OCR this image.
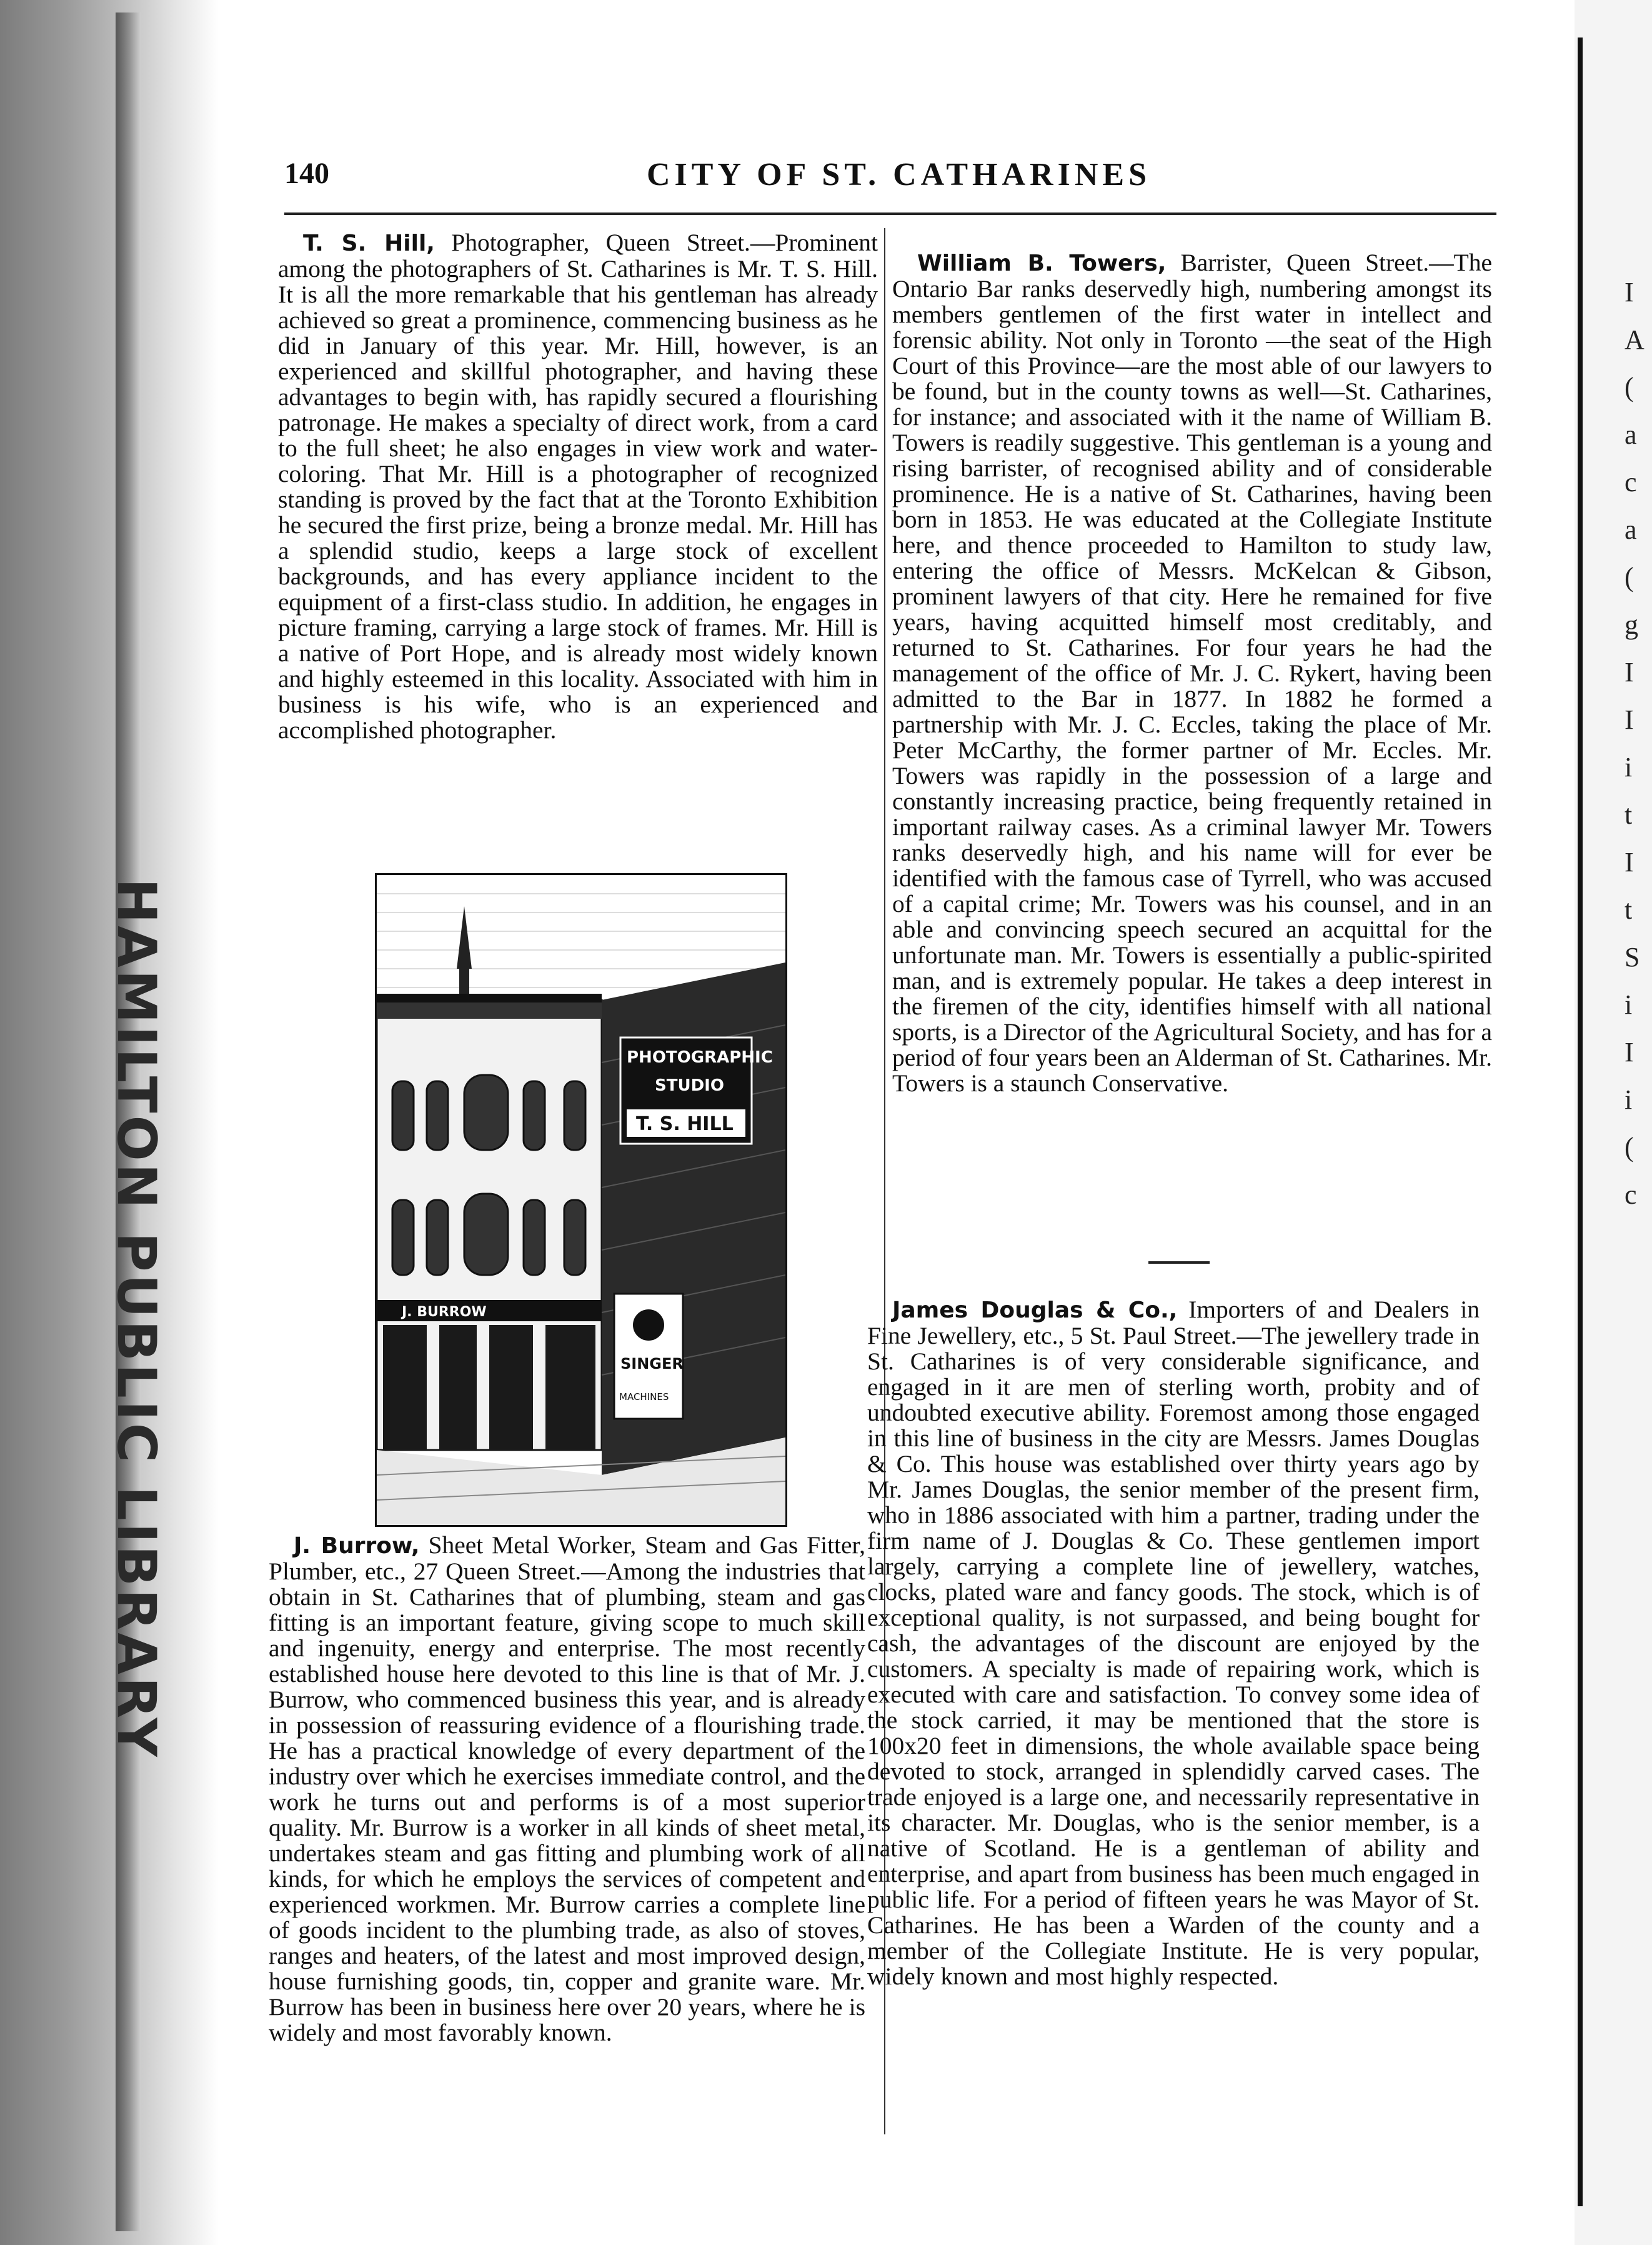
HAMILTON PUBLIC LIBRARY
I
A
(
a
c
a
(
g
I
I
i
t
I
t
S
i
I
i
(
c
140	CITY OF ST. CATHARINES

T. S. Hill, Photographer, Queen Street.—Prominent among the photographers of St. Catharines is Mr. T. S. Hill. It is all the more remarkable that his gentleman has already achieved so great a prominence, commencing business as he did in January of this year. Mr. Hill, however, is an experienced and skillful photographer, and having these advantages to begin with, has rapidly secured a flourishing patronage. He makes a specialty of direct work, from a card to the full sheet; he also engages in view work and water-coloring. That Mr. Hill is a photographer of recognized standing is proved by the fact that at the Toronto Exhibition he secured the first prize, being a bronze medal. Mr. Hill has a splendid studio, keeps a large stock of excellent backgrounds, and has every appliance incident to the equipment of a first-class studio. In addition, he engages in picture framing, carrying a large stock of frames. Mr. Hill is a native of Port Hope, and is already most widely known and highly esteemed in this locality. Associated with him in business is his wife, who is an experienced and accomplished photographer.

J. BURROW
PHOTOGRAPHIC
STUDIO
T. S. HILL
SINGER
MACHINES

William B. Towers, Barrister, Queen Street.—The Ontario Bar ranks deservedly high, numbering amongst its members gentlemen of the first water in intellect and forensic ability. Not only in Toronto —the seat of the High Court of this Province—are the most able of our lawyers to be found, but in the county towns as well—St. Catharines, for instance; and associated with it the name of William B. Towers is readily suggestive. This gentleman is a young and rising barrister, of recognised ability and of considerable prominence. He is a native of St. Catharines, having been born in 1853. He was educated at the Collegiate Institute here, and thence proceeded to Hamilton to study law, entering the office of Messrs. McKelcan & Gibson, prominent lawyers of that city. Here he remained for five years, having acquitted himself most creditably, and returned to St. Catharines. For four years he had the management of the office of Mr. J. C. Rykert, having been admitted to the Bar in 1877. In 1882 he formed a partnership with Mr. J. C. Eccles, taking the place of Mr. Peter McCarthy, the former partner of Mr. Eccles. Mr. Towers was rapidly in the possession of a large and constantly increasing practice, being frequently retained in important railway cases. As a criminal lawyer Mr. Towers ranks deservedly high, and his name will for ever be identified with the famous case of Tyrrell, who was accused of a capital crime; Mr. Towers was his counsel, and in an able and convincing speech secured an acquittal for the unfortunate man. Mr. Towers is essentially a public-spirited man, and is extremely popular. He takes a deep interest in the firemen of the city, identifies himself with all national sports, is a Director of the Agricultural Society, and has for a period of four years been an Alderman of St. Catharines. Mr. Towers is a staunch Conservative.

J. Burrow, Sheet Metal Worker, Steam and Gas Fitter, Plumber, etc., 27 Queen Street.—Among the industries that obtain in St. Catharines that of plumbing, steam and gas fitting is an important feature, giving scope to much skill and ingenuity, energy and enterprise. The most recently established house here devoted to this line is that of Mr. J. Burrow, who commenced business this year, and is already in possession of reassuring evidence of a flourishing trade. He has a practical knowledge of every department of the industry over which he exercises immediate control, and the work he turns out and performs is of a most superior quality. Mr. Burrow is a worker in all kinds of sheet metal, undertakes steam and gas fitting and plumbing work of all kinds, for which he employs the services of competent and experienced workmen. Mr. Burrow carries a complete line of goods incident to the plumbing trade, as also of stoves, ranges and heaters, of the latest and most improved design, house furnishing goods, tin, copper and granite ware. Mr. Burrow has been in business here over 20 years, where he is widely and most favorably known.

James Douglas & Co., Importers of and Dealers in Fine Jewellery, etc., 5 St. Paul Street.—The jewellery trade in St. Catharines is of very considerable significance, and engaged in it are men of sterling worth, probity and of undoubted executive ability. Foremost among those engaged in this line of business in the city are Messrs. James Douglas & Co. This house was established over thirty years ago by Mr. James Douglas, the senior member of the present firm, who in 1886 associated with him a partner, trading under the firm name of J. Douglas & Co. These gentlemen import largely, carrying a complete line of jewellery, watches, clocks, plated ware and fancy goods. The stock, which is of exceptional quality, is not surpassed, and being bought for cash, the advantages of the discount are enjoyed by the customers. A specialty is made of repairing work, which is executed with care and satisfaction. To convey some idea of the stock carried, it may be mentioned that the store is 100x20 feet in dimensions, the whole available space being devoted to stock, arranged in splendidly carved cases. The trade enjoyed is a large one, and necessarily representative in its character. Mr. Douglas, who is the senior member, is a native of Scotland. He is a gentleman of ability and enterprise, and apart from business has been much engaged in public life. For a period of fifteen years he was Mayor of St. Catharines. He has been a Warden of the county and a member of the Collegiate Institute. He is very popular, widely known and most highly respected.
